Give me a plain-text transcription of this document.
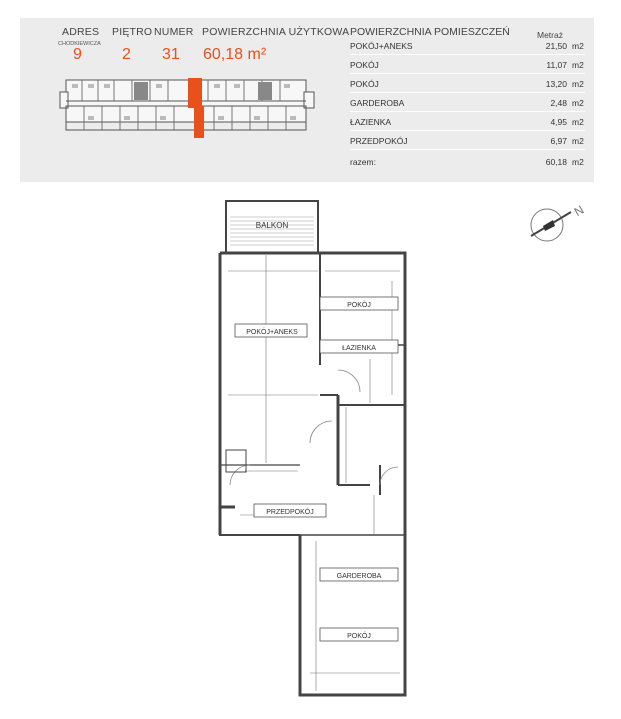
ADRES PIĘTRO NUMER POWIERZCHNIA UŻYTKOWA
CHODKIEWICZA
9	2 31 60,18 m²
POWIERZCHNIA POMIESZCZEŃ	Metraż
POKÓJ+ANEKS	21,50 m2
POKÓJ	11,07 m2
POKÓJ	13,20 m2
GARDEROBA	2,48 m2
ŁAZIENKA	4,95 m2
PRZEDPOKÓJ	6,97 m2
razem:	60,18 m2
N
POKÓJ+ANEKS
POKÓJ
ŁAZIENKA
PRZEDPOKÓJ
GARDEROBA
POKÓJ
BALKON
